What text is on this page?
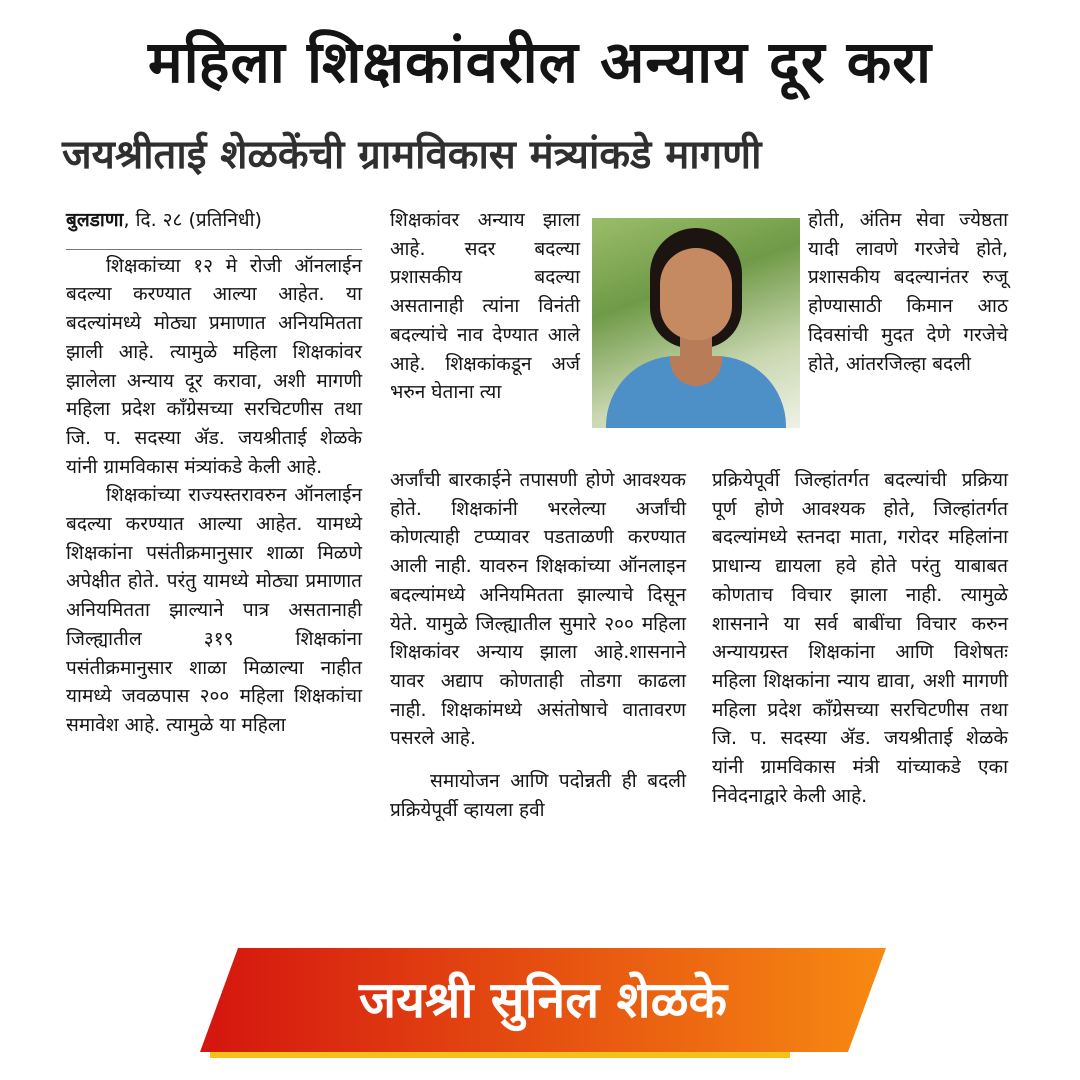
महिला शिक्षकांवरील अन्याय दूर करा
जयश्रीताई शेळकेंची ग्रामविकास मंत्र्यांकडे मागणी
बुलडाणा, दि. २८ (प्रतिनिधी)

शिक्षकांच्या १२ मे रोजी ऑनलाईन बदल्या करण्यात आल्या आहेत. या बदल्यांमध्ये मोठ्या प्रमाणात अनियमितता झाली आहे. त्यामुळे महिला शिक्षकांवर झालेला अन्याय दूर करावा, अशी मागणी महिला प्रदेश काँग्रेसच्या सरचिटणीस तथा जि. प. सदस्या ॲड. जयश्रीताई शेळके यांनी ग्रामविकास मंत्र्यांकडे केली आहे.

शिक्षकांच्या राज्यस्तरावरुन ऑनलाईन बदल्या करण्यात आल्या आहेत. यामध्ये शिक्षकांना पसंतीक्रमानुसार शाळा मिळणे अपेक्षीत होते. परंतु यामध्ये मोठ्या प्रमाणात अनियमितता झाल्याने पात्र असतानाही जिल्ह्यातील ३१९ शिक्षकांना पसंतीक्रमानुसार शाळा मिळाल्या नाहीत यामध्ये जवळपास २०० महिला शिक्षकांचा समावेश आहे. त्यामुळे या महिला

शिक्षकांवर अन्याय झाला आहे. सदर बदल्या प्रशासकीय बदल्या असतानाही त्यांना विनंती बदल्यांचे नाव देण्यात आले आहे. शिक्षकांकडून अर्ज भरुन घेताना त्या

अर्जांची बारकाईने तपासणी होणे आवश्यक होते. शिक्षकांनी भरलेल्या अर्जांची कोणत्याही टप्प्यावर पडताळणी करण्यात आली नाही. यावरुन शिक्षकांच्या ऑनलाइन बदल्यांमध्ये अनियमितता झाल्याचे दिसून येते. यामुळे जिल्ह्यातील सुमारे २०० महिला शिक्षकांवर अन्याय झाला आहे.शासनाने यावर अद्याप कोणताही तोडगा काढला नाही. शिक्षकांमध्ये असंतोषाचे वातावरण पसरले आहे.

समायोजन आणि पदोन्नती ही बदली प्रक्रियेपूर्वी व्हायला हवी

होती, अंतिम सेवा ज्येष्ठता यादी लावणे गरजेचे होते, प्रशासकीय बदल्यानंतर रुजू होण्यासाठी किमान आठ दिवसांची मुदत देणे गरजेचे होते, आंतरजिल्हा बदली

प्रक्रियेपूर्वी जिल्हांतर्गत बदल्यांची प्रक्रिया पूर्ण होणे आवश्यक होते, जिल्हांतर्गत बदल्यांमध्ये स्तनदा माता, गरोदर महिलांना प्राधान्य द्यायला हवे होते परंतु याबाबत कोणताच विचार झाला नाही. त्यामुळे शासनाने या सर्व बाबींचा विचार करुन अन्यायग्रस्त शिक्षकांना आणि विशेषतः महिला शिक्षकांना न्याय द्यावा, अशी मागणी महिला प्रदेश काँग्रेसच्या सरचिटणीस तथा जि. प. सदस्या ॲड. जयश्रीताई शेळके यांनी ग्रामविकास मंत्री यांच्याकडे एका निवेदनाद्वारे केली आहे.

जयश्री सुनिल शेळके
